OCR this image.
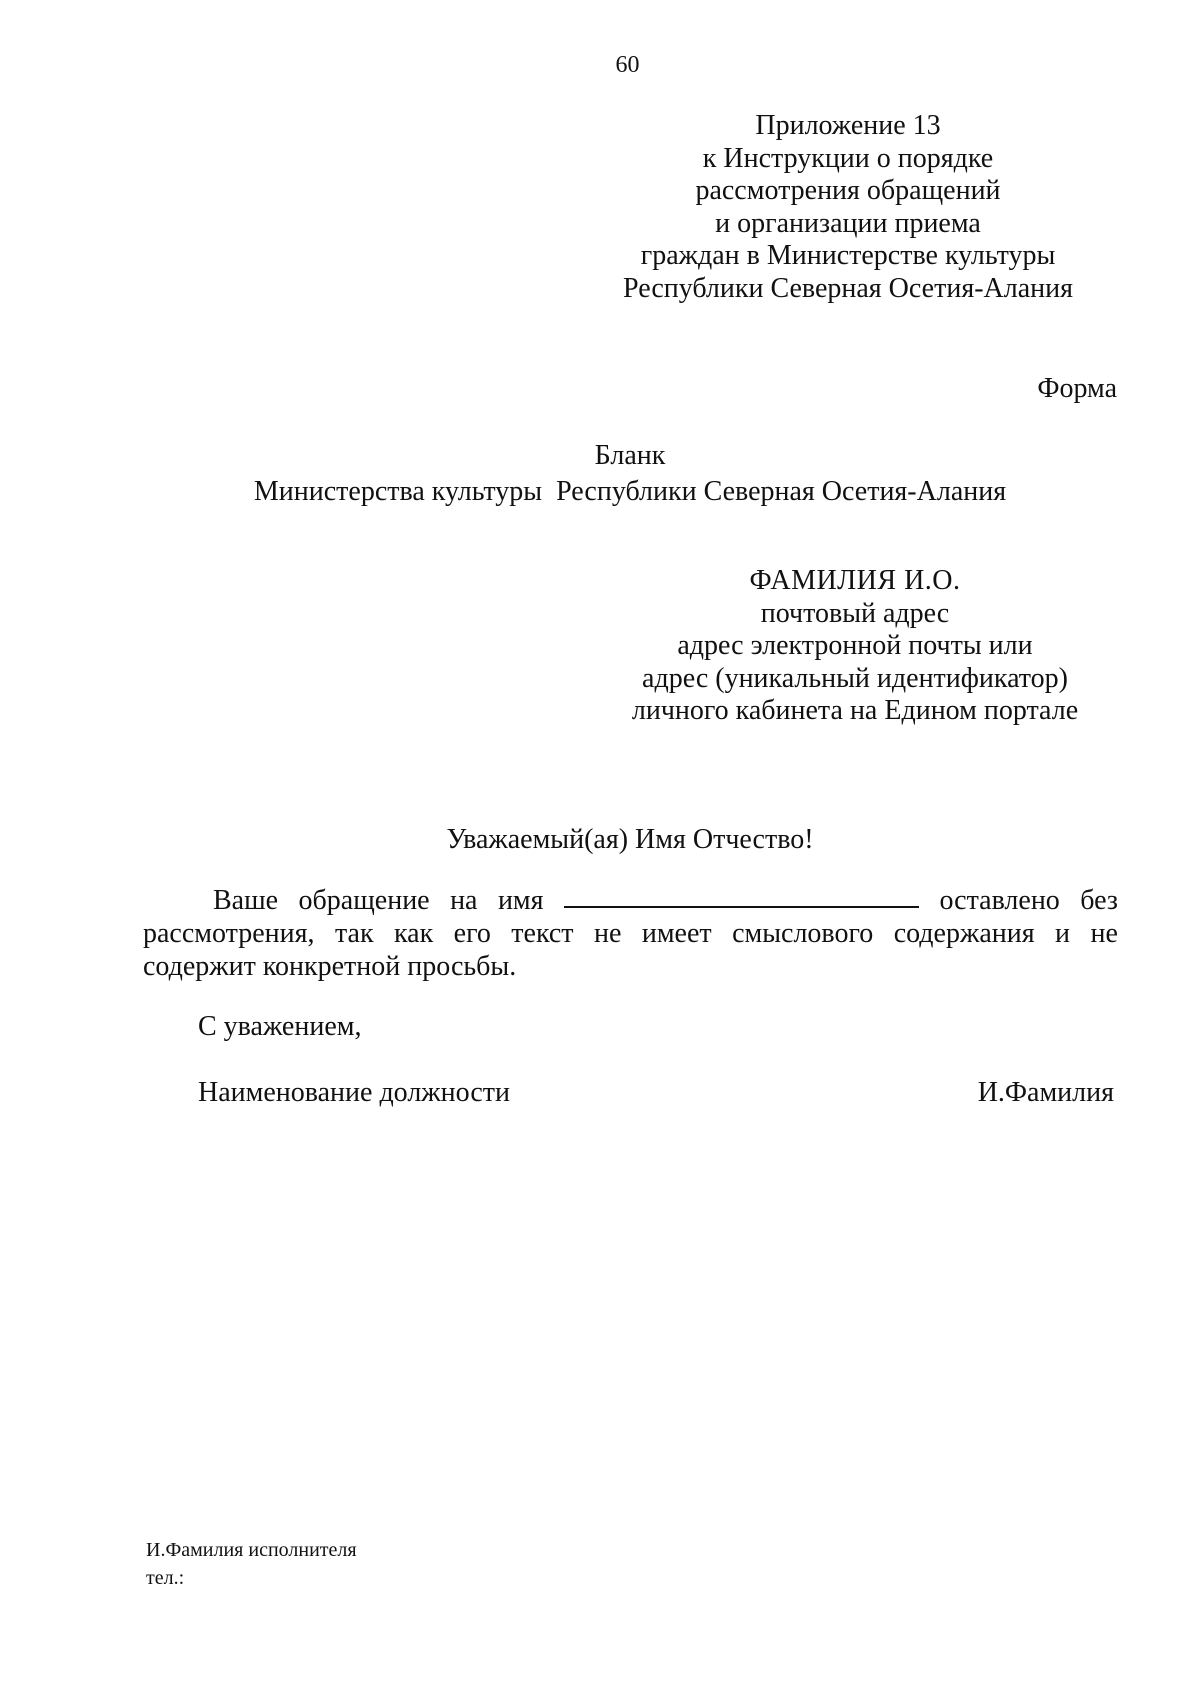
60
Приложение 13
к Инструкции о порядке
рассмотрения обращений
и организации приема
граждан в Министерстве культуры
Республики Северная Осетия-Алания
Форма
Бланк
Министерства культуры  Республики Северная Осетия-Алания
ФАМИЛИЯ И.О.
почтовый адрес
адрес электронной почты или
адрес (уникальный идентификатор)
личного кабинета на Едином портале
Уважаемый(ая) Имя Отчество!
Ваше обращение на имя	оставлено без
рассмотрения, так как его текст не имеет смыслового содержания и не
содержит конкретной просьбы.
С уважением,
Наименование должности	И.Фамилия
И.Фамилия исполнителя
тел.:
